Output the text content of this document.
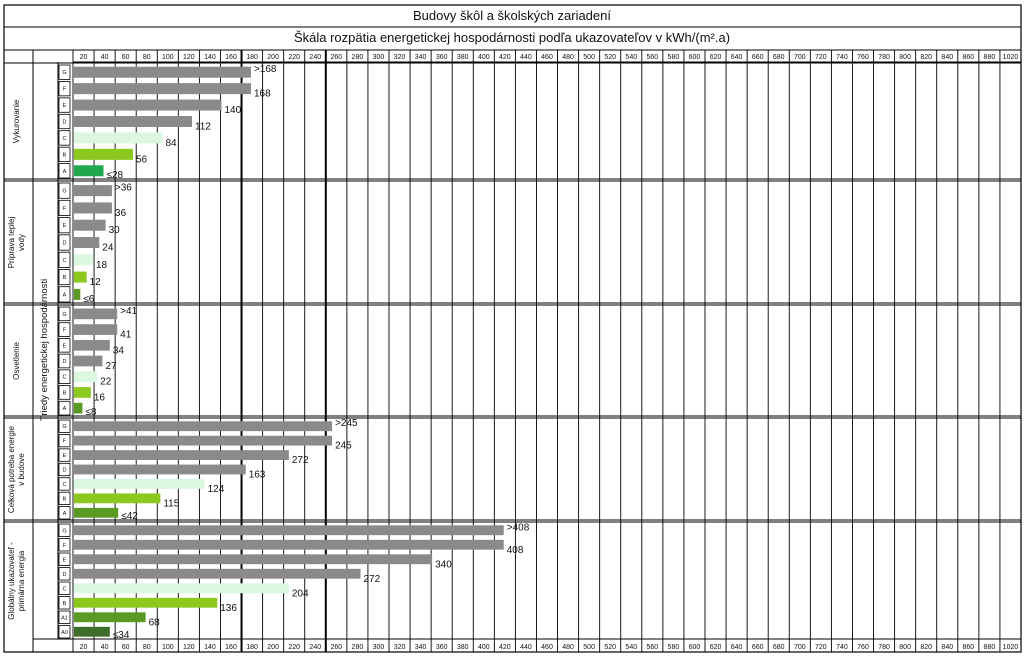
Budovy škôl a školských zariadení
Škála rozpätia energetickej hospodárnosti podľa ukazovateľov v kWh/(m².a)
20
20
40
40
60
60
80
80
100
100
120
120
140
140
160
160
180
180
200
200
220
220
240
240
260
260
280
280
300
300
320
320
340
340
360
360
380
380
400
400
420
420
440
440
460
460
480
480
500
500
520
520
540
540
560
560
580
580
600
600
620
620
640
640
660
660
680
680
700
700
720
720
740
740
760
760
780
780
800
800
820
820
840
840
860
860
880
880
1020
1020
Vykurovanie
G	>168
F	168
E	140
D	112
C	84
B	56
A	≤28
Príprava teplej vody
G	>36
F	36
E	30
D	24
C	18
B 12
A ≤6
Osvetlenie
G	>41
F	41
E	34
D	27
C	22
B	16
A ≤8
Celková potreba energie v budove
G	>245
F	245
E	272
D	163
C	124
B	115
A	≤42
Globálny ukazovateľ - primárna energia
G	>408
F	408
E	340
D	272
C	204
B	136
A1	68
A0	≤34
Triedy energetickej hospodárnosti
